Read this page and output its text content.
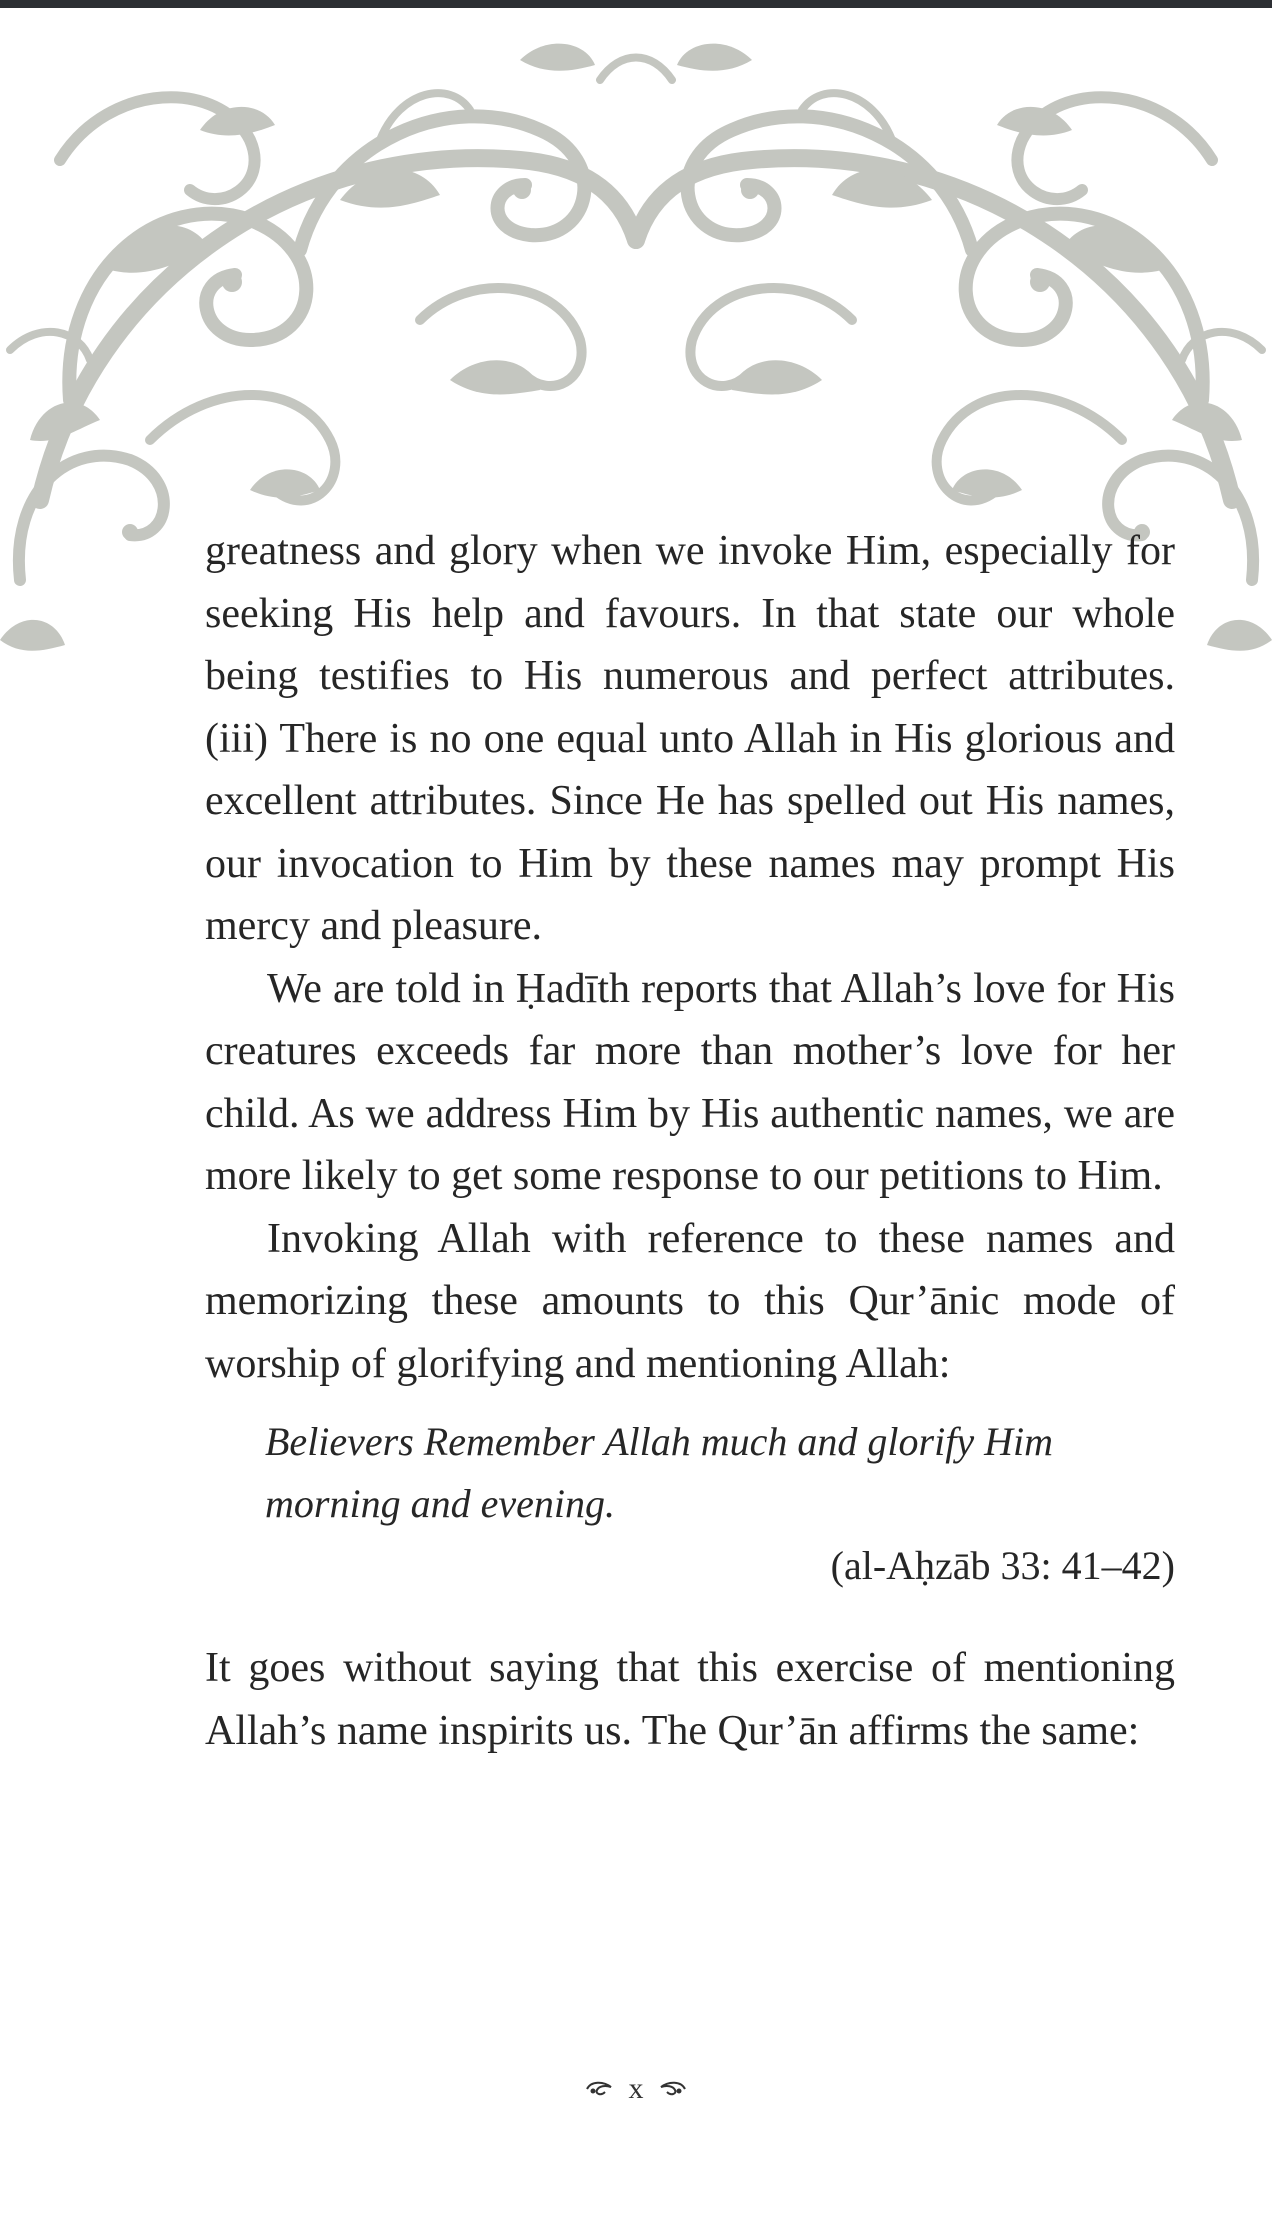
greatness and glory when we invoke Him, especially for seeking His help and favours. In that state our whole being testifies to His numerous and perfect attributes. (iii) There is no one equal unto Allah in His glorious and excellent attributes. Since He has spelled out His names, our invocation to Him by these names may prompt His mercy and pleasure.

We are told in Ḥadīth reports that Allah’s love for His creatures exceeds far more than mother’s love for her child. As we address Him by His authentic names, we are more likely to get some response to our petitions to Him.

Invoking Allah with reference to these names and memorizing these amounts to this Qur’ānic mode of worship of glorifying and mentioning Allah:

Believers Remember Allah much and glorify Him morning and evening.

(al-Aḥzāb 33: 41–42)

It goes without saying that this exercise of mentioning Allah’s name inspirits us. The Qur’ān affirms the same:

x
